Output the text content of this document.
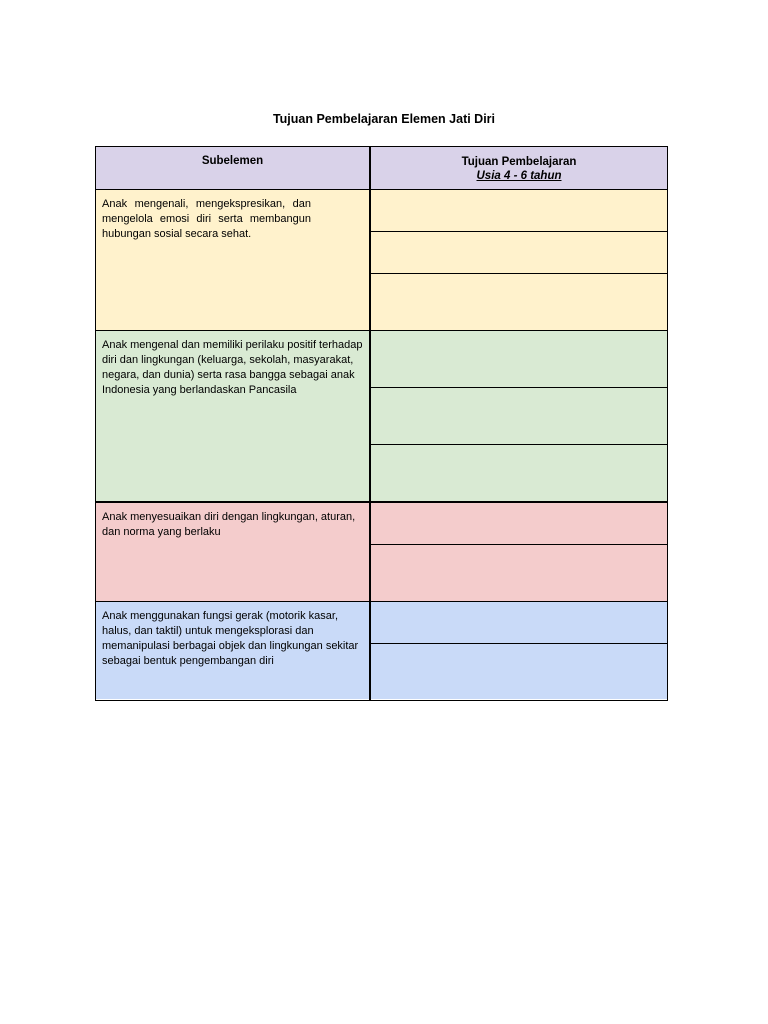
Tujuan Pembelajaran Elemen Jati Diri
Subelemen	Tujuan Pembelajaran
Usia 4 - 6 tahun
Anak mengenali, mengekspresikan, dan mengelola emosi diri serta membangun hubungan sosial secara sehat.
Anak mengenal dan memiliki perilaku positif terhadap diri dan lingkungan (keluarga, sekolah, masyarakat, negara, dan dunia) serta rasa bangga sebagai anak Indonesia yang berlandaskan Pancasila
Anak menyesuaikan diri dengan lingkungan, aturan, dan norma yang berlaku
Anak menggunakan fungsi gerak (motorik kasar, halus, dan taktil) untuk mengeksplorasi dan memanipulasi berbagai objek dan lingkungan sekitar sebagai bentuk pengembangan diri
